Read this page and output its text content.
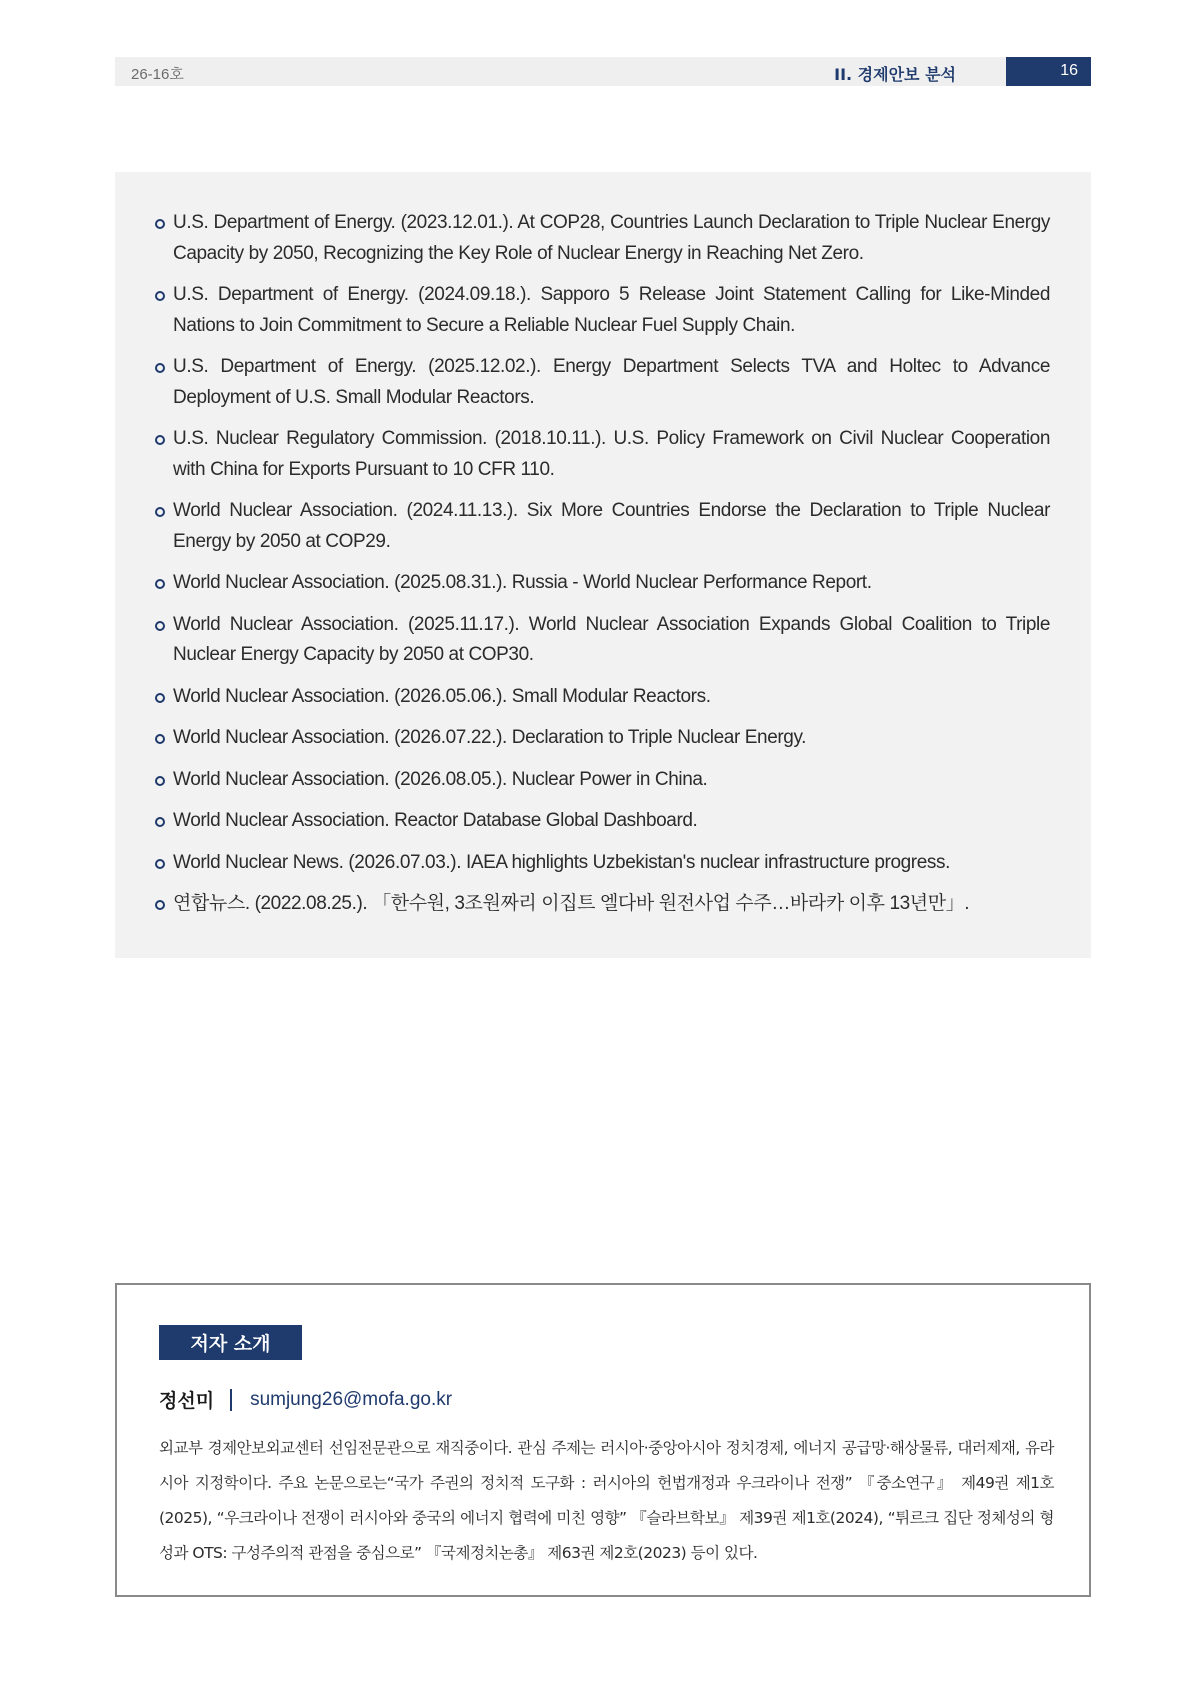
26-16호	II. 경제안보 분석	16
U.S. Department of Energy. (2023.12.01.). At COP28, Countries Launch Declaration to Triple Nuclear Energy Capacity by 2050, Recognizing the Key Role of Nuclear Energy in Reaching Net Zero.
U.S. Department of Energy. (2024.09.18.). Sapporo 5 Release Joint Statement Calling for Like-Minded Nations to Join Commitment to Secure a Reliable Nuclear Fuel Supply Chain.
U.S. Department of Energy. (2025.12.02.). Energy Department Selects TVA and Holtec to Advance Deployment of U.S. Small Modular Reactors.
U.S. Nuclear Regulatory Commission. (2018.10.11.). U.S. Policy Framework on Civil Nuclear Cooperation with China for Exports Pursuant to 10 CFR 110.
World Nuclear Association. (2024.11.13.). Six More Countries Endorse the Declaration to Triple Nuclear Energy by 2050 at COP29.
World Nuclear Association. (2025.08.31.). Russia - World Nuclear Performance Report.
World Nuclear Association. (2025.11.17.). World Nuclear Association Expands Global Coalition to Triple Nuclear Energy Capacity by 2050 at COP30.
World Nuclear Association. (2026.05.06.). Small Modular Reactors.
World Nuclear Association. (2026.07.22.). Declaration to Triple Nuclear Energy.
World Nuclear Association. (2026.08.05.). Nuclear Power in China.
World Nuclear Association. Reactor Database Global Dashboard.
World Nuclear News. (2026.07.03.). IAEA highlights Uzbekistan's nuclear infrastructure progress.
연합뉴스. (2022.08.25.). 「한수원, 3조원짜리 이집트 엘다바 원전사업 수주…바라카 이후 13년만」.
저자 소개
정선미 sumjung26@mofa.go.kr

외교부 경제안보외교센터 선임전문관으로 재직중이다. 관심 주제는 러시아·중앙아시아 정치경제, 에너지 공급망·해상물류, 대러제재, 유라시아 지정학이다. 주요 논문으로는“국가 주권의 정치적 도구화 : 러시아의 헌법개정과 우크라이나 전쟁” 『중소연구』 제49권 제1호(2025), “우크라이나 전쟁이 러시아와 중국의 에너지 협력에 미친 영향” 『슬라브학보』 제39권 제1호(2024), “튀르크 집단 정체성의 형성과 OTS: 구성주의적 관점을 중심으로” 『국제정치논총』 제63권 제2호(2023) 등이 있다.
